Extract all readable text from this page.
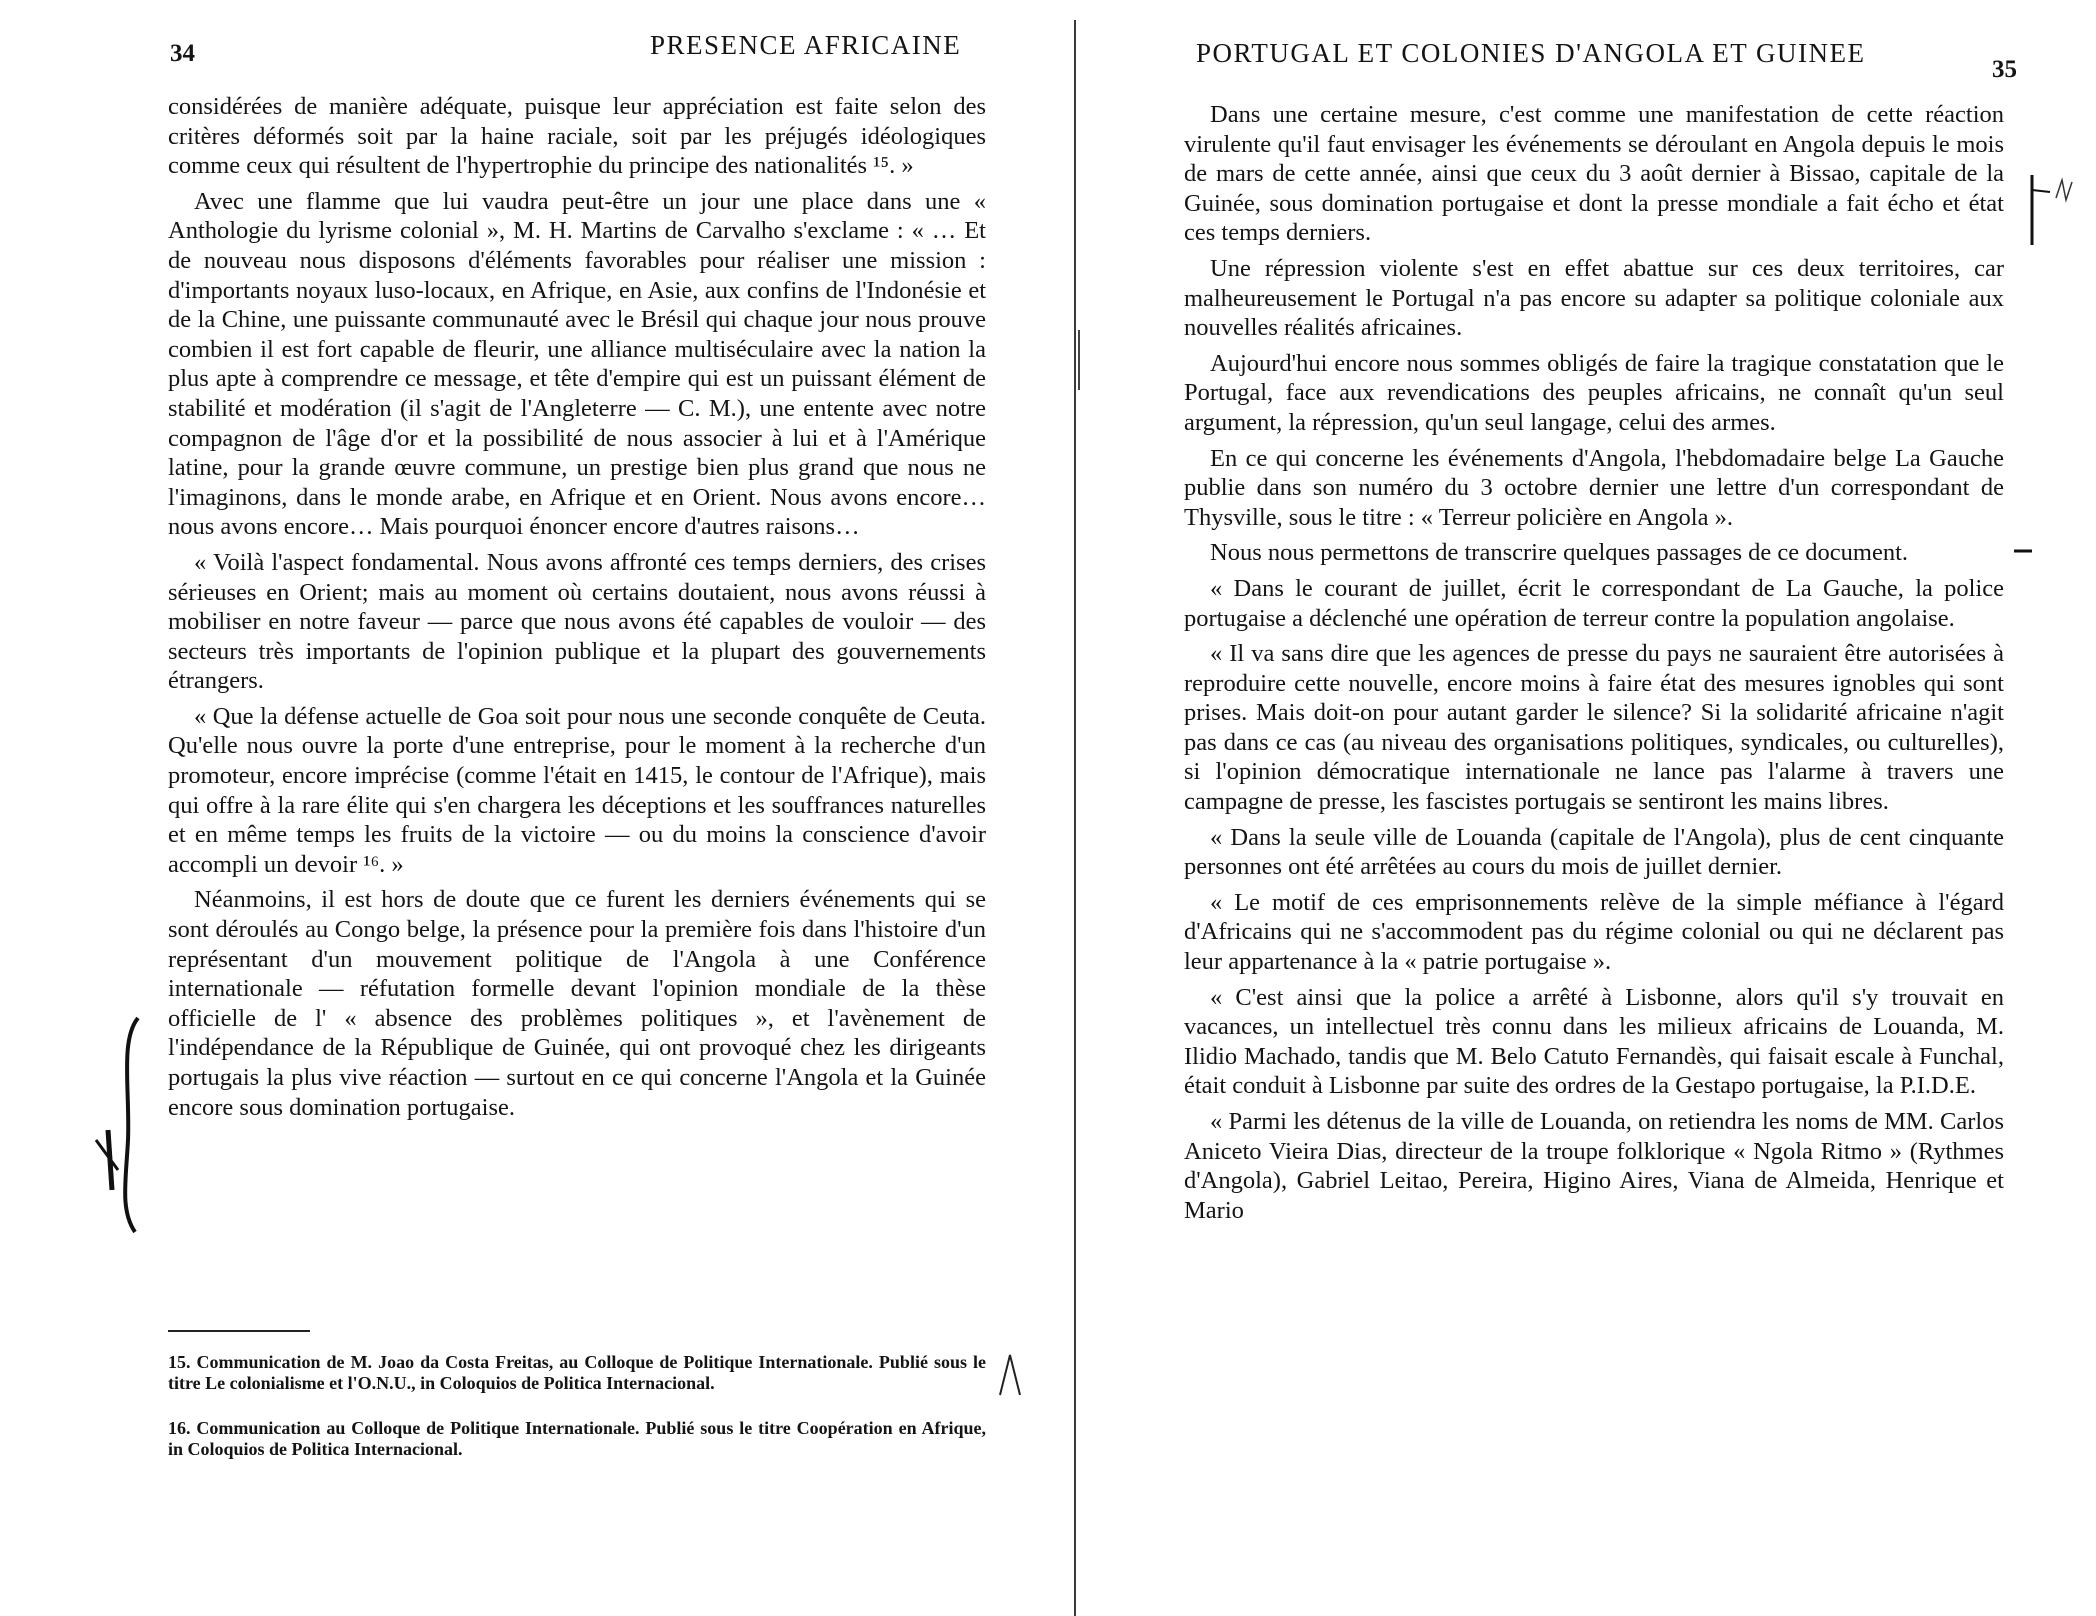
34	PRESENCE AFRICAINE

considérées de manière adéquate, puisque leur appréciation est faite selon des critères déformés soit par la haine raciale, soit par les préjugés idéologiques comme ceux qui résultent de l'hypertrophie du principe des nationalités ¹⁵. »

Avec une flamme que lui vaudra peut-être un jour une place dans une « Anthologie du lyrisme colonial », M. H. Martins de Carvalho s'exclame : « … Et de nouveau nous disposons d'éléments favorables pour réaliser une mission : d'importants noyaux luso-locaux, en Afrique, en Asie, aux confins de l'Indonésie et de la Chine, une puissante communauté avec le Brésil qui chaque jour nous prouve combien il est fort capable de fleurir, une alliance multiséculaire avec la nation la plus apte à comprendre ce message, et tête d'empire qui est un puissant élément de stabilité et modération (il s'agit de l'Angleterre — C. M.), une entente avec notre compagnon de l'âge d'or et la possibilité de nous associer à lui et à l'Amérique latine, pour la grande œuvre commune, un prestige bien plus grand que nous ne l'imaginons, dans le monde arabe, en Afrique et en Orient. Nous avons encore… nous avons encore… Mais pourquoi énoncer encore d'autres raisons…

« Voilà l'aspect fondamental. Nous avons affronté ces temps derniers, des crises sérieuses en Orient; mais au moment où certains doutaient, nous avons réussi à mobiliser en notre faveur — parce que nous avons été capables de vouloir — des secteurs très importants de l'opinion publique et la plupart des gouvernements étrangers.

« Que la défense actuelle de Goa soit pour nous une seconde conquête de Ceuta. Qu'elle nous ouvre la porte d'une entreprise, pour le moment à la recherche d'un promoteur, encore imprécise (comme l'était en 1415, le contour de l'Afrique), mais qui offre à la rare élite qui s'en chargera les déceptions et les souffrances naturelles et en même temps les fruits de la victoire — ou du moins la conscience d'avoir accompli un devoir ¹⁶. »

Néanmoins, il est hors de doute que ce furent les derniers événements qui se sont déroulés au Congo belge, la présence pour la première fois dans l'histoire d'un représentant d'un mouvement politique de l'Angola à une Conférence internationale — réfutation formelle devant l'opinion mondiale de la thèse officielle de l' « absence des problèmes politiques », et l'avènement de l'indépendance de la République de Guinée, qui ont provoqué chez les dirigeants portugais la plus vive réaction — surtout en ce qui concerne l'Angola et la Guinée encore sous domination portugaise.

15. Communication de M. Joao da Costa Freitas, au Colloque de Politique Internationale. Publié sous le titre Le colonialisme et l'O.N.U., in Coloquios de Politica Internacional.
16. Communication au Colloque de Politique Internationale. Publié sous le titre Coopération en Afrique, in Coloquios de Politica Internacional.
PORTUGAL ET COLONIES D'ANGOLA ET GUINEE
35

Dans une certaine mesure, c'est comme une manifestation de cette réaction virulente qu'il faut envisager les événements se déroulant en Angola depuis le mois de mars de cette année, ainsi que ceux du 3 août dernier à Bissao, capitale de la Guinée, sous domination portugaise et dont la presse mondiale a fait écho et état ces temps derniers.

Une répression violente s'est en effet abattue sur ces deux territoires, car malheureusement le Portugal n'a pas encore su adapter sa politique coloniale aux nouvelles réalités africaines.

Aujourd'hui encore nous sommes obligés de faire la tragique constatation que le Portugal, face aux revendications des peuples africains, ne connaît qu'un seul argument, la répression, qu'un seul langage, celui des armes.

En ce qui concerne les événements d'Angola, l'hebdomadaire belge La Gauche publie dans son numéro du 3 octobre dernier une lettre d'un correspondant de Thysville, sous le titre : « Terreur policière en Angola ».

Nous nous permettons de transcrire quelques passages de ce document.

« Dans le courant de juillet, écrit le correspondant de La Gauche, la police portugaise a déclenché une opération de terreur contre la population angolaise.

« Il va sans dire que les agences de presse du pays ne sauraient être autorisées à reproduire cette nouvelle, encore moins à faire état des mesures ignobles qui sont prises. Mais doit-on pour autant garder le silence? Si la solidarité africaine n'agit pas dans ce cas (au niveau des organisations politiques, syndicales, ou culturelles), si l'opinion démocratique internationale ne lance pas l'alarme à travers une campagne de presse, les fascistes portugais se sentiront les mains libres.

« Dans la seule ville de Louanda (capitale de l'Angola), plus de cent cinquante personnes ont été arrêtées au cours du mois de juillet dernier.

« Le motif de ces emprisonnements relève de la simple méfiance à l'égard d'Africains qui ne s'accommodent pas du régime colonial ou qui ne déclarent pas leur appartenance à la « patrie portugaise ».

« C'est ainsi que la police a arrêté à Lisbonne, alors qu'il s'y trouvait en vacances, un intellectuel très connu dans les milieux africains de Louanda, M. Ilidio Machado, tandis que M. Belo Catuto Fernandès, qui faisait escale à Funchal, était conduit à Lisbonne par suite des ordres de la Gestapo portugaise, la P.I.D.E.

« Parmi les détenus de la ville de Louanda, on retiendra les noms de MM. Carlos Aniceto Vieira Dias, directeur de la troupe folklorique « Ngola Ritmo » (Rythmes d'Angola), Gabriel Leitao, Pereira, Higino Aires, Viana de Almeida, Henrique et Mario
